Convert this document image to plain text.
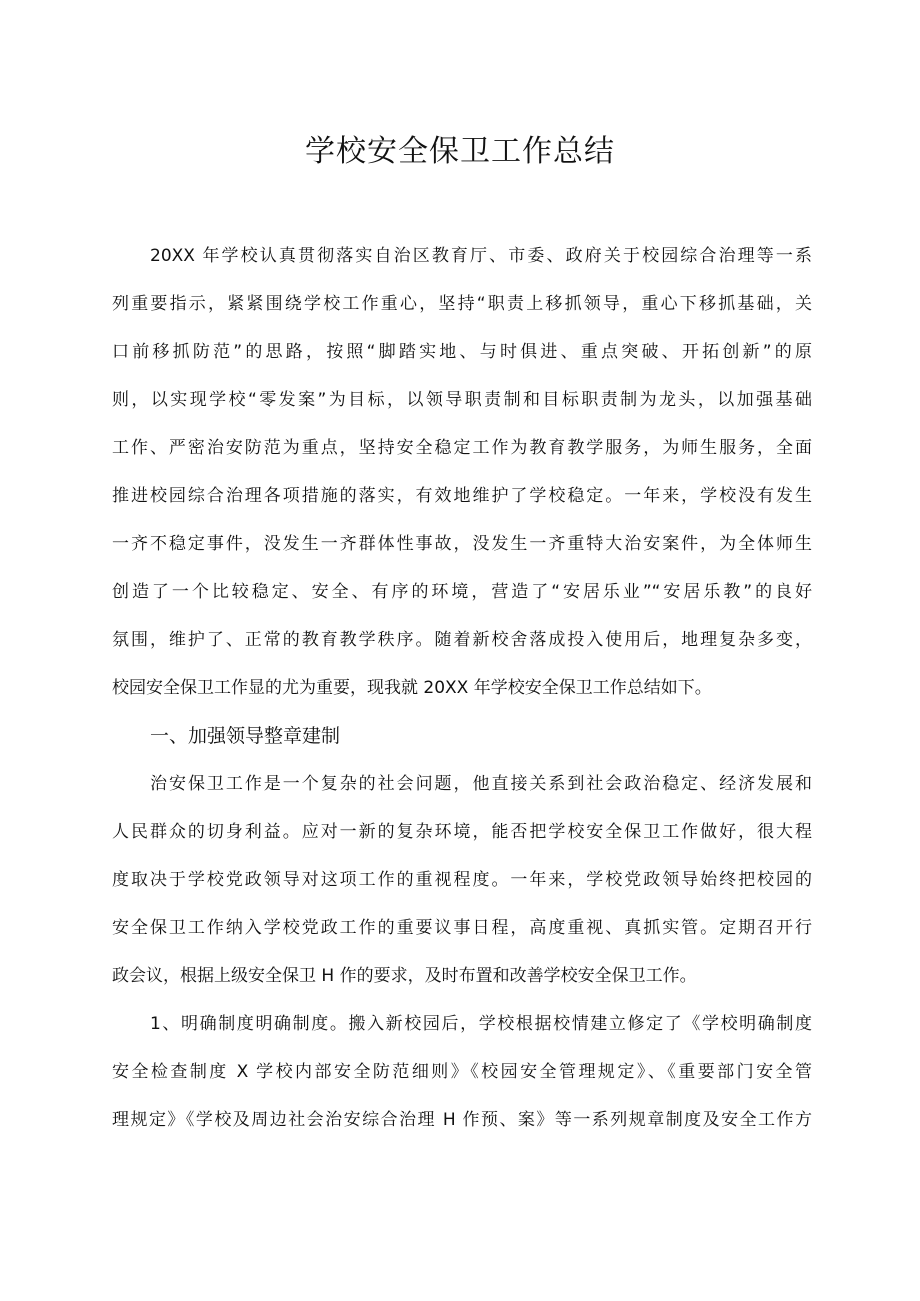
学校安全保卫工作总结
20XX 年学校认真贯彻落实自治区教育厅、市委、政府关于校园综合治理等一系
列重要指示，紧紧围绕学校工作重心，坚持“职责上移抓领导，重心下移抓基础，关
口前移抓防范”的思路，按照“脚踏实地、与时俱进、重点突破、开拓创新”的原
则，以实现学校“零发案”为目标，以领导职责制和目标职责制为龙头，以加强基础
工作、严密治安防范为重点，坚持安全稳定工作为教育教学服务，为师生服务，全面
推进校园综合治理各项措施的落实，有效地维护了学校稳定。一年来，学校没有发生
一齐不稳定事件，没发生一齐群体性事故，没发生一齐重特大治安案件，为全体师生
创造了一个比较稳定、安全、有序的环境，营造了“安居乐业”“安居乐教”的良好
氛围，维护了、正常的教育教学秩序。随着新校舍落成投入使用后，地理复杂多变，
校园安全保卫工作显的尤为重要，现我就 20XX 年学校安全保卫工作总结如下。
一、加强领导整章建制
治安保卫工作是一个复杂的社会问题，他直接关系到社会政治稳定、经济发展和
人民群众的切身利益。应对一新的复杂环境，能否把学校安全保卫工作做好，很大程
度取决于学校党政领导对这项工作的重视程度。一年来，学校党政领导始终把校园的
安全保卫工作纳入学校党政工作的重要议事日程，高度重视、真抓实管。定期召开行
政会议，根据上级安全保卫 H 作的要求，及时布置和改善学校安全保卫工作。
1、明确制度明确制度。搬入新校园后，学校根据校情建立修定了《学校明确制度
安全检查制度 X 学校内部安全防范细则》《校园安全管理规定》、《重要部门安全管
理规定》《学校及周边社会治安综合治理 H 作预、案》等一系列规章制度及安全工作方
